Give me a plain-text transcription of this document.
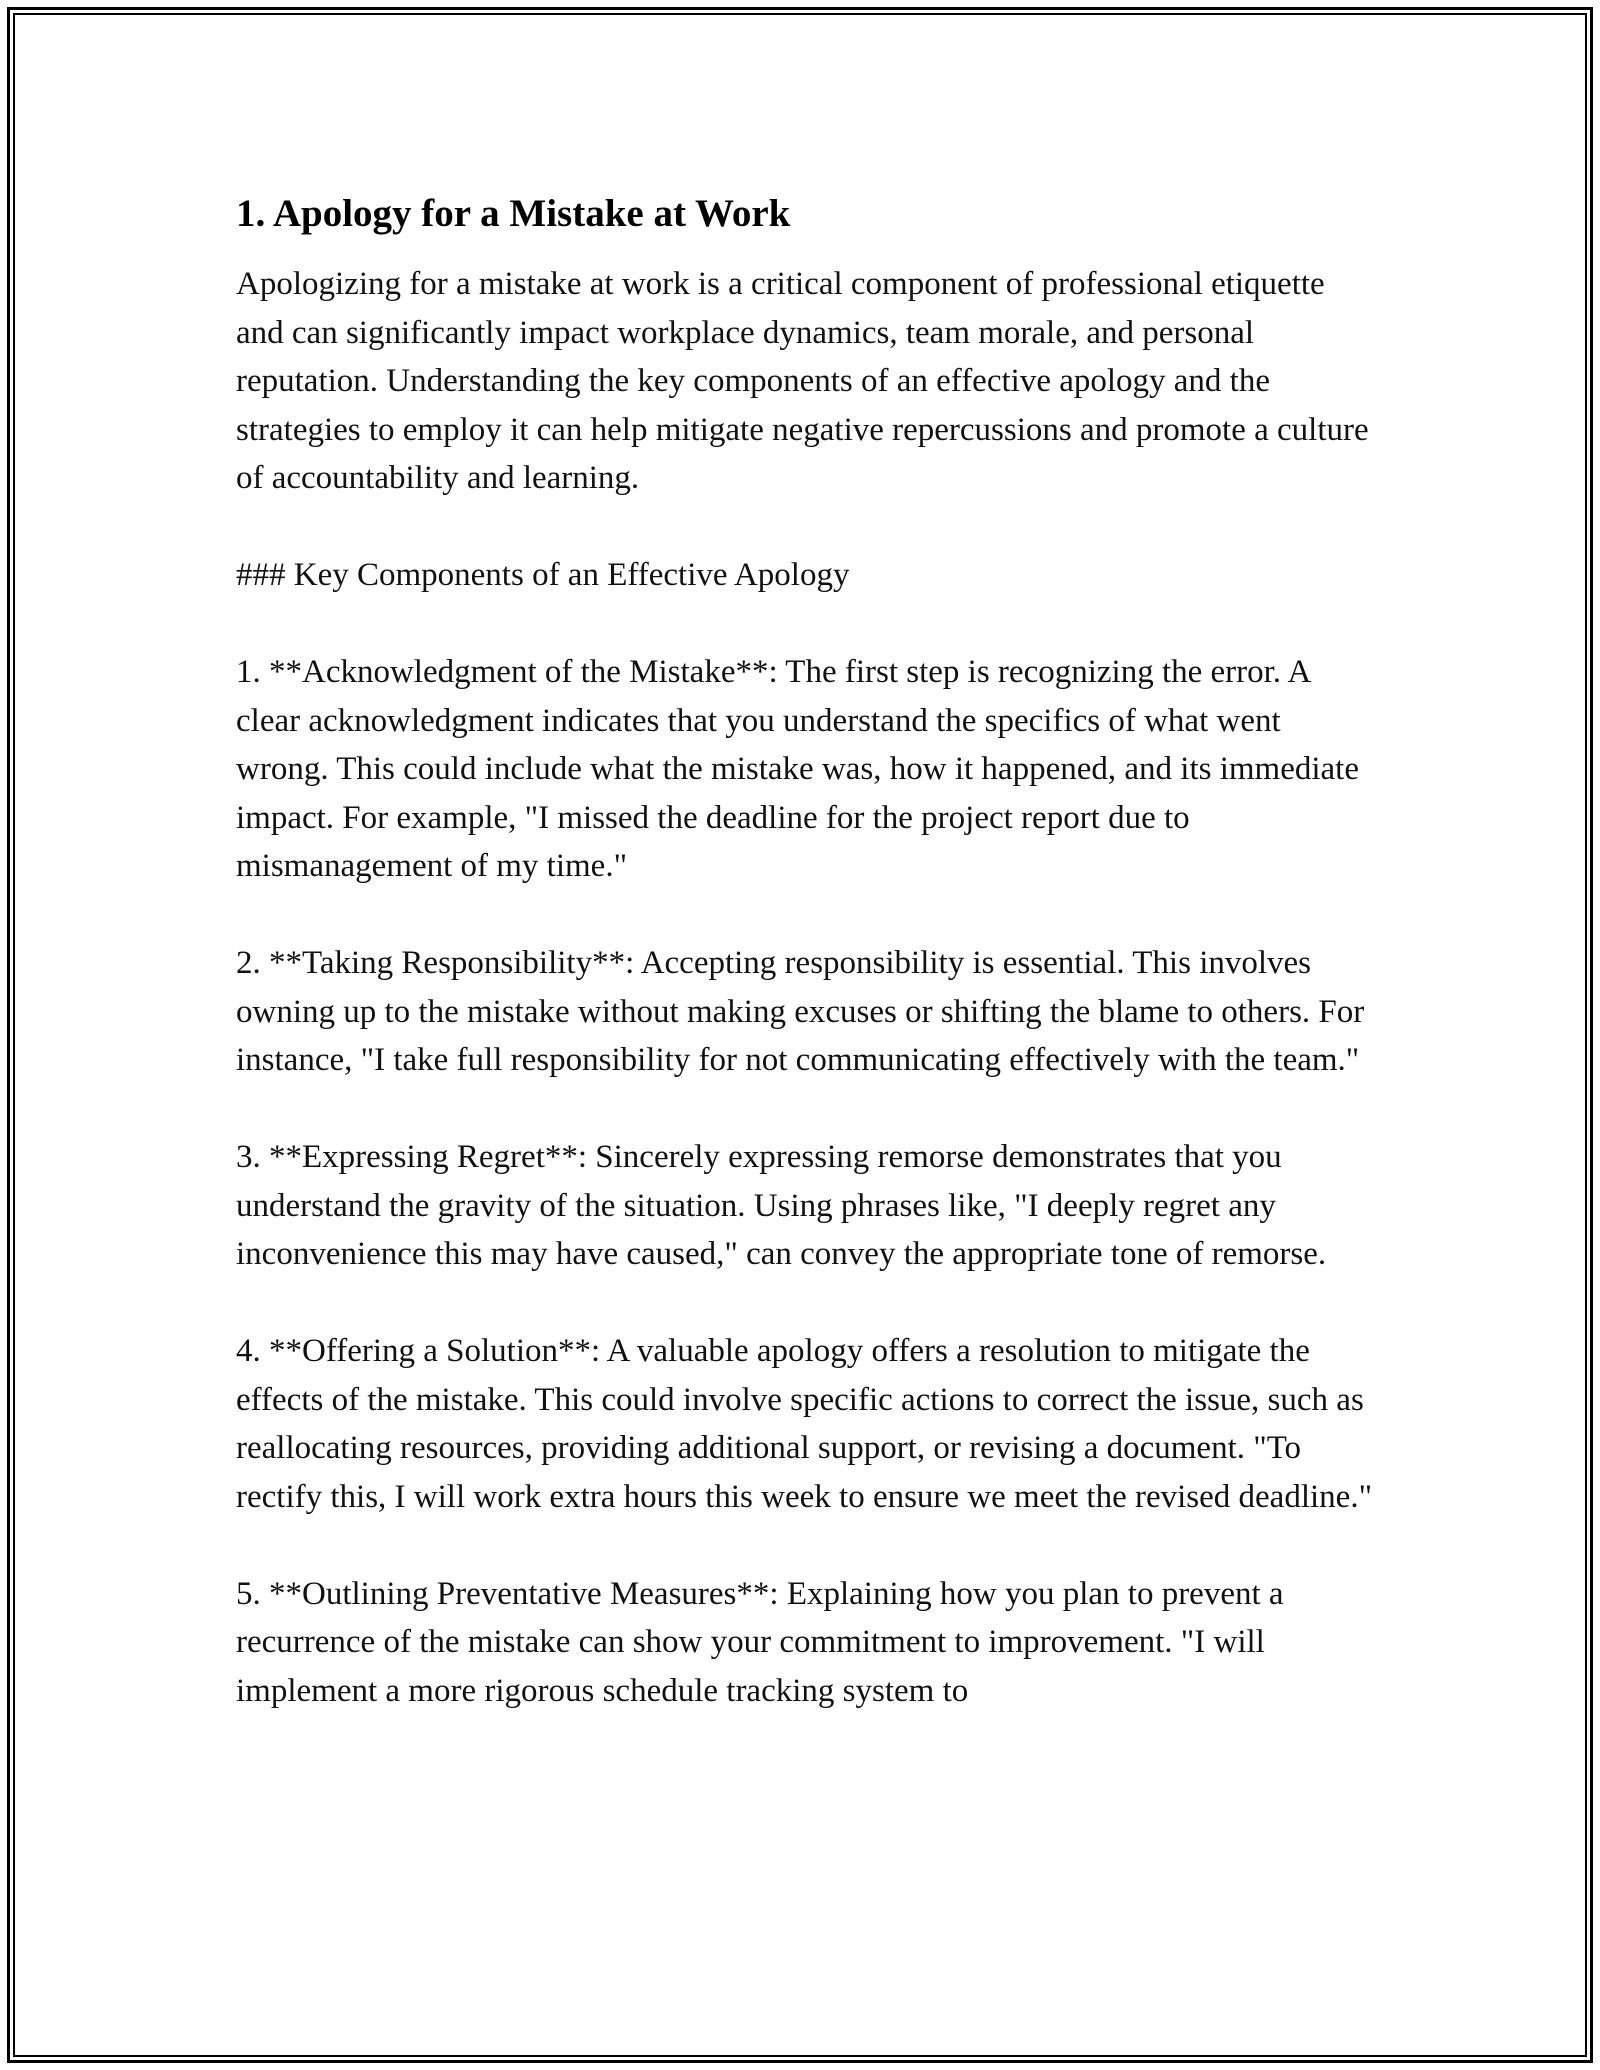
1. Apology for a Mistake at Work

Apologizing for a mistake at work is a critical component of professional etiquette and can significantly impact workplace dynamics, team morale, and personal reputation. Understanding the key components of an effective apology and the strategies to employ it can help mitigate negative repercussions and promote a culture of accountability and learning.

### Key Components of an Effective Apology

1. **Acknowledgment of the Mistake**: The first step is recognizing the error. A clear acknowledgment indicates that you understand the specifics of what went wrong. This could include what the mistake was, how it happened, and its immediate impact. For example, "I missed the deadline for the project report due to mismanagement of my time."

2. **Taking Responsibility**: Accepting responsibility is essential. This involves owning up to the mistake without making excuses or shifting the blame to others. For instance, "I take full responsibility for not communicating effectively with the team."

3. **Expressing Regret**: Sincerely expressing remorse demonstrates that you understand the gravity of the situation. Using phrases like, "I deeply regret any inconvenience this may have caused," can convey the appropriate tone of remorse.

4. **Offering a Solution**: A valuable apology offers a resolution to mitigate the effects of the mistake. This could involve specific actions to correct the issue, such as reallocating resources, providing additional support, or revising a document. "To rectify this, I will work extra hours this week to ensure we meet the revised deadline."

5. **Outlining Preventative Measures**: Explaining how you plan to prevent a recurrence of the mistake can show your commitment to improvement. "I will implement a more rigorous schedule tracking system to
